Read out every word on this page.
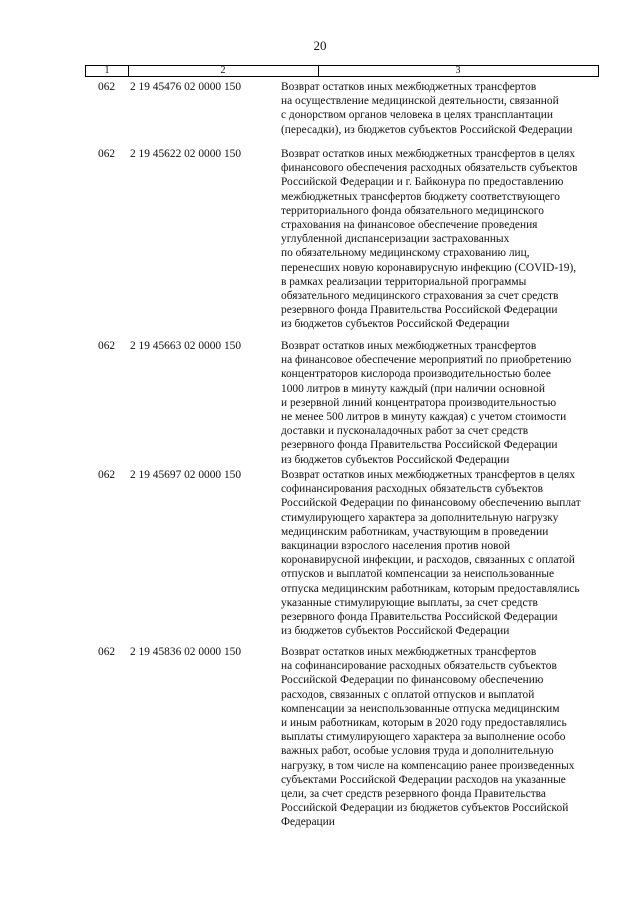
20
1	2	3
062 2 19 45476 02 0000 150	Возврат остатков иных межбюджетных трансфертов
на осуществление медицинской деятельности, связанной
с донорством органов человека в целях трансплантации
(пересадки), из бюджетов субъектов Российской Федерации
062 2 19 45622 02 0000 150	Возврат остатков иных межбюджетных трансфертов в целях
финансового обеспечения расходных обязательств субъектов
Российской Федерации и г. Байконура по предоставлению
межбюджетных трансфертов бюджету соответствующего
территориального фонда обязательного медицинского
страхования на финансовое обеспечение проведения
углубленной диспансеризации застрахованных
по обязательному медицинскому страхованию лиц,
перенесших новую коронавирусную инфекцию (COVID-19),
в рамках реализации территориальной программы
обязательного медицинского страхования за счет средств
резервного фонда Правительства Российской Федерации
из бюджетов субъектов Российской Федерации
062 2 19 45663 02 0000 150	Возврат остатков иных межбюджетных трансфертов
на финансовое обеспечение мероприятий по приобретению
концентраторов кислорода производительностью более
1000 литров в минуту каждый (при наличии основной
и резервной линий концентратора производительностью
не менее 500 литров в минуту каждая) с учетом стоимости
доставки и пусконаладочных работ за счет средств
резервного фонда Правительства Российской Федерации
из бюджетов субъектов Российской Федерации
062 2 19 45697 02 0000 150	Возврат остатков иных межбюджетных трансфертов в целях
софинансирования расходных обязательств субъектов
Российской Федерации по финансовому обеспечению выплат
стимулирующего характера за дополнительную нагрузку
медицинским работникам, участвующим в проведении
вакцинации взрослого населения против новой
коронавирусной инфекции, и расходов, связанных с оплатой
отпусков и выплатой компенсации за неиспользованные
отпуска медицинским работникам, которым предоставлялись
указанные стимулирующие выплаты, за счет средств
резервного фонда Правительства Российской Федерации
из бюджетов субъектов Российской Федерации
062 2 19 45836 02 0000 150	Возврат остатков иных межбюджетных трансфертов
на софинансирование расходных обязательств субъектов
Российской Федерации по финансовому обеспечению
расходов, связанных с оплатой отпусков и выплатой
компенсации за неиспользованные отпуска медицинским
и иным работникам, которым в 2020 году предоставлялись
выплаты стимулирующего характера за выполнение особо
важных работ, особые условия труда и дополнительную
нагрузку, в том числе на компенсацию ранее произведенных
субъектами Российской Федерации расходов на указанные
цели, за счет средств резервного фонда Правительства
Российской Федерации из бюджетов субъектов Российской
Федерации
